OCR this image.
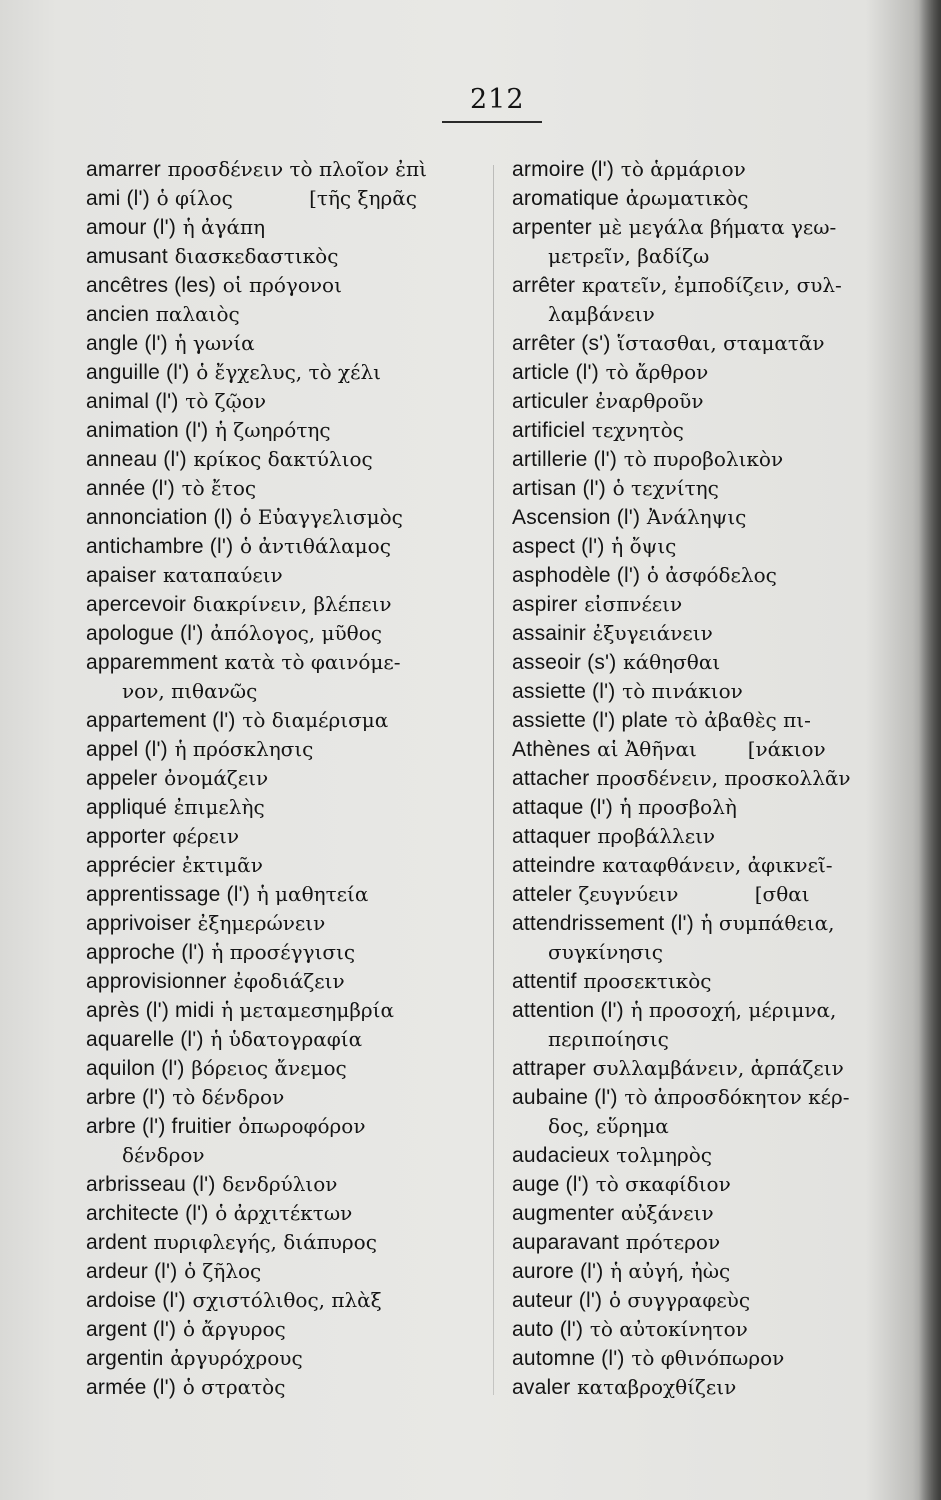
212
amarrer προσδένειν τὸ πλοῖον ἐπὶ
ami (l') ὁ φίλος            [τῆς ξηρᾶς
amour (l') ἡ ἀγάπη
amusant διασκεδαστικὸς
ancêtres (les) οἱ πρόγονοι
ancien παλαιὸς
angle (l') ἡ γωνία
anguille (l') ὁ ἔγχελυς, τὸ χέλι
animal (l') τὸ ζῷον
animation (l') ἡ ζωηρότης
anneau (l') κρίκος δακτύλιος
année (l') τὸ ἔτος
annonciation (l) ὁ Εὐαγγελισμὸς
antichambre (l') ὁ ἀντιθάλαμος
apaiser καταπαύειν
apercevoir διακρίνειν, βλέπειν
apologue (l') ἀπόλογος, μῦθος
apparemment κατὰ τὸ φαινόμε-
νον, πιθανῶς
appartement (l') τὸ διαμέρισμα
appel (l') ἡ πρόσκλησις
appeler ὀνομάζειν
appliqué ἐπιμελὴς
apporter φέρειν
apprécier ἐκτιμᾶν
apprentissage (l') ἡ μαθητεία
apprivoiser ἐξημερώνειν
approche (l') ἡ προσέγγισις
approvisionner ἐφοδιάζειν
après (l') midi ἡ μεταμεσημβρία
aquarelle (l') ἡ ὑδατογραφία
aquilon (l') βόρειος ἄνεμος
arbre (l') τὸ δένδρον
arbre (l') fruitier ὀπωροφόρον
δένδρον
arbrisseau (l') δενδρύλιον
architecte (l') ὁ ἀρχιτέκτων
ardent πυριφλεγής, διάπυρος
ardeur (l') ὁ ζῆλος
ardoise (l') σχιστόλιθος, πλὰξ
argent (l') ὁ ἄργυρος
argentin ἀργυρόχρους
armée (l') ὁ στρατὸς
armoire (l') τὸ ἁρμάριον
aromatique ἀρωματικὸς
arpenter μὲ μεγάλα βήματα γεω-
μετρεῖν, βαδίζω
arrêter κρατεῖν, ἐμποδίζειν, συλ-
λαμβάνειν
arrêter (s') ἵστασθαι, σταματᾶν
article (l') τὸ ἄρθρον
articuler ἐναρθροῦν
artificiel τεχνητὸς
artillerie (l') τὸ πυροβολικὸν
artisan (l') ὁ τεχνίτης
Ascension (l') Ἀνάληψις
aspect (l') ἡ ὄψις
asphodèle (l') ὁ ἀσφόδελος
aspirer εἰσπνέειν
assainir ἐξυγειάνειν
asseoir (s') κάθησθαι
assiette (l') τὸ πινάκιον
assiette (l') plate τὸ ἀβαθὲς πι-
Athènes αἱ Ἀθῆναι        [νάκιον
attacher προσδένειν, προσκολλᾶν
attaque (l') ἡ προσβολὴ
attaquer προβάλλειν
atteindre καταφθάνειν, ἀφικνεῖ-
atteler ζευγνύειν            [σθαι
attendrissement (l') ἡ συμπάθεια,
συγκίνησις
attentif προσεκτικὸς
attention (l') ἡ προσοχή, μέριμνα,
περιποίησις
attraper συλλαμβάνειν, ἁρπάζειν
aubaine (l') τὸ ἀπροσδόκητον κέρ-
δος, εὕρημα
audacieux τολμηρὸς
auge (l') τὸ σκαφίδιον
augmenter αὐξάνειν
auparavant πρότερον
aurore (l') ἡ αὐγή, ἠὼς
auteur (l') ὁ συγγραφεὺς
auto (l') τὸ αὐτοκίνητον
automne (l') τὸ φθινόπωρον
avaler καταβροχθίζειν
